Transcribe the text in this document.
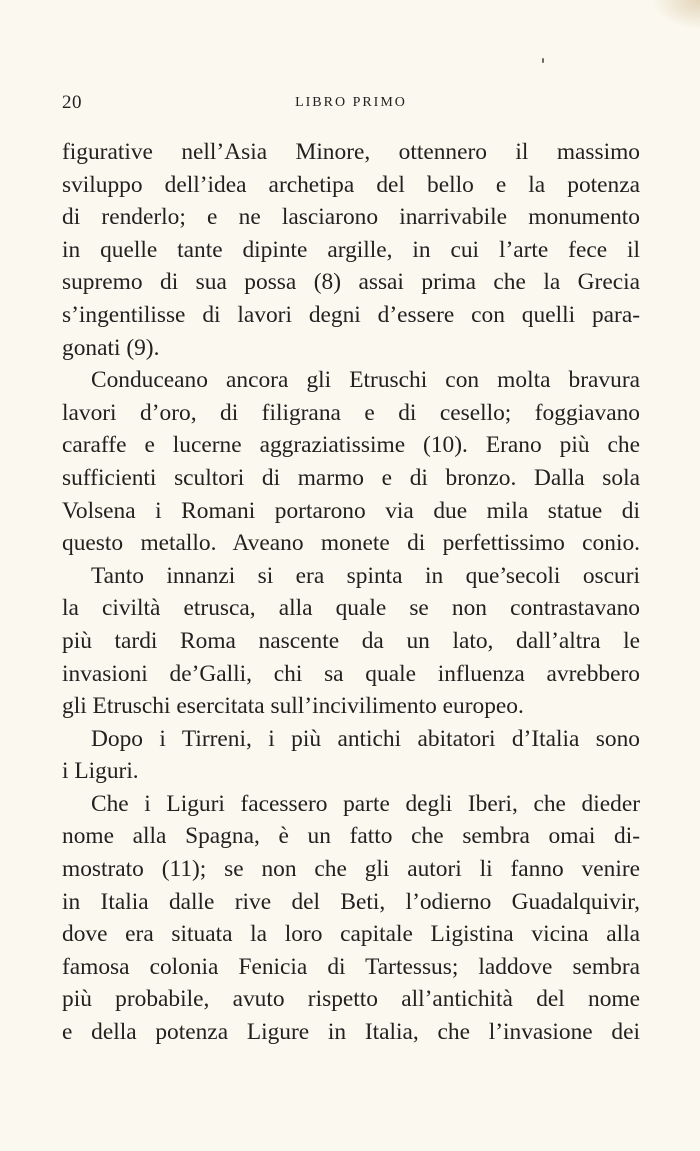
20	LIBRO PRIMO
figurative nell’Asia Minore, ottennero il massimo
sviluppo dell’idea archetipa del bello e la potenza
di renderlo; e ne lasciarono inarrivabile monumento
in quelle tante dipinte argille, in cui l’arte fece il
supremo di sua possa (8) assai prima che la Grecia
s’ingentilisse di lavori degni d’essere con quelli para-
gonati (9).
Conduceano ancora gli Etruschi con molta bravura
lavori d’oro, di filigrana e di cesello; foggiavano
caraffe e lucerne aggraziatissime (10). Erano più che
sufficienti scultori di marmo e di bronzo. Dalla sola
Volsena i Romani portarono via due mila statue di
questo metallo. Aveano monete di perfettissimo conio.
Tanto innanzi si era spinta in que’secoli oscuri
la civiltà etrusca, alla quale se non contrastavano
più tardi Roma nascente da un lato, dall’altra le
invasioni de’Galli, chi sa quale influenza avrebbero
gli Etruschi esercitata sull’incivilimento europeo.
Dopo i Tirreni, i più antichi abitatori d’Italia sono
i Liguri.
Che i Liguri facessero parte degli Iberi, che dieder
nome alla Spagna, è un fatto che sembra omai di-
mostrato (11); se non che gli autori li fanno venire
in Italia dalle rive del Beti, l’odierno Guadalquivir,
dove era situata la loro capitale Ligistina vicina alla
famosa colonia Fenicia di Tartessus; laddove sembra
più probabile, avuto rispetto all’antichità del nome
e della potenza Ligure in Italia, che l’invasione dei
